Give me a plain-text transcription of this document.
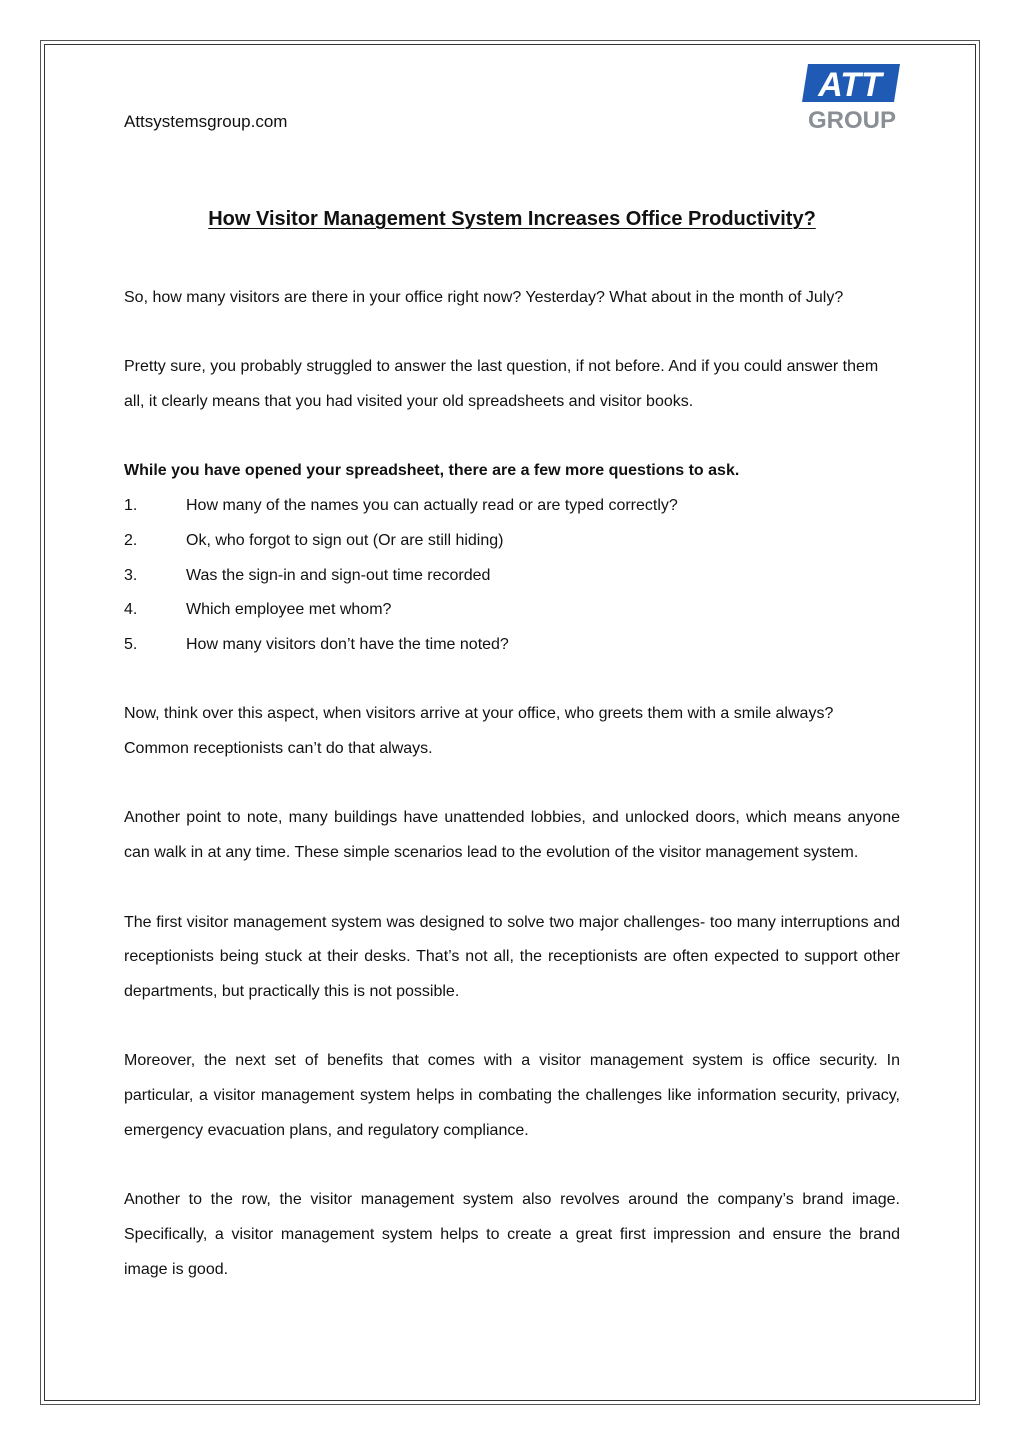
Attsystemsgroup.com
ATT
GROUP
How Visitor Management System Increases Office Productivity?

So, how many visitors are there in your office right now? Yesterday? What about in the month of July?

Pretty sure, you probably struggled to answer the last question, if not before. And if you could answer them all, it clearly means that you had visited your old spreadsheets and visitor books.

While you have opened your spreadsheet, there are a few more questions to ask.

1.	How many of the names you can actually read or are typed correctly?
2.	Ok, who forgot to sign out (Or are still hiding)
3.	Was the sign-in and sign-out time recorded
4.	Which employee met whom?
5.	How many visitors don’t have the time noted?

Now, think over this aspect, when visitors arrive at your office, who greets them with a smile always? Common receptionists can’t do that always.

Another point to note, many buildings have unattended lobbies, and unlocked doors, which means anyone can walk in at any time. These simple scenarios lead to the evolution of the visitor management system.

The first visitor management system was designed to solve two major challenges- too many interruptions and receptionists being stuck at their desks. That’s not all, the receptionists are often expected to support other departments, but practically this is not possible.

Moreover, the next set of benefits that comes with a visitor management system is office security. In particular, a visitor management system helps in combating the challenges like information security, privacy, emergency evacuation plans, and regulatory compliance.

Another to the row, the visitor management system also revolves around the company’s brand image. Specifically, a visitor management system helps to create a great first impression and ensure the brand image is good.
